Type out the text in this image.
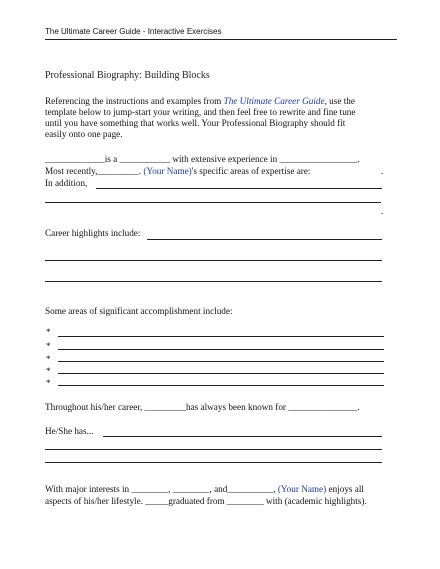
The Ultimate Career Guide - Interactive Exercises
Professional Biography: Building Blocks
Referencing the instructions and examples from The Ultimate Career Guide, use the
template below to jump-start your writing, and then feel free to rewrite and fine tune
until you have something that works well. Your Professional Biography should fit
easily onto one page.
_____________is a ___________ with extensive experience in _________________.
Most recently,_________. (Your Name)'s specific areas of expertise are:	.
In addition,
.
Career highlights include:
Some areas of significant accomplishment include:
*
*
*
*
*
Throughout his/her career, _________has always been known for _______________.
He/She has...
With major interests in ________, ________, and__________, (Your Name) enjoys all
aspects of his/her lifestyle. _____graduated from ________ with (academic highlights).
